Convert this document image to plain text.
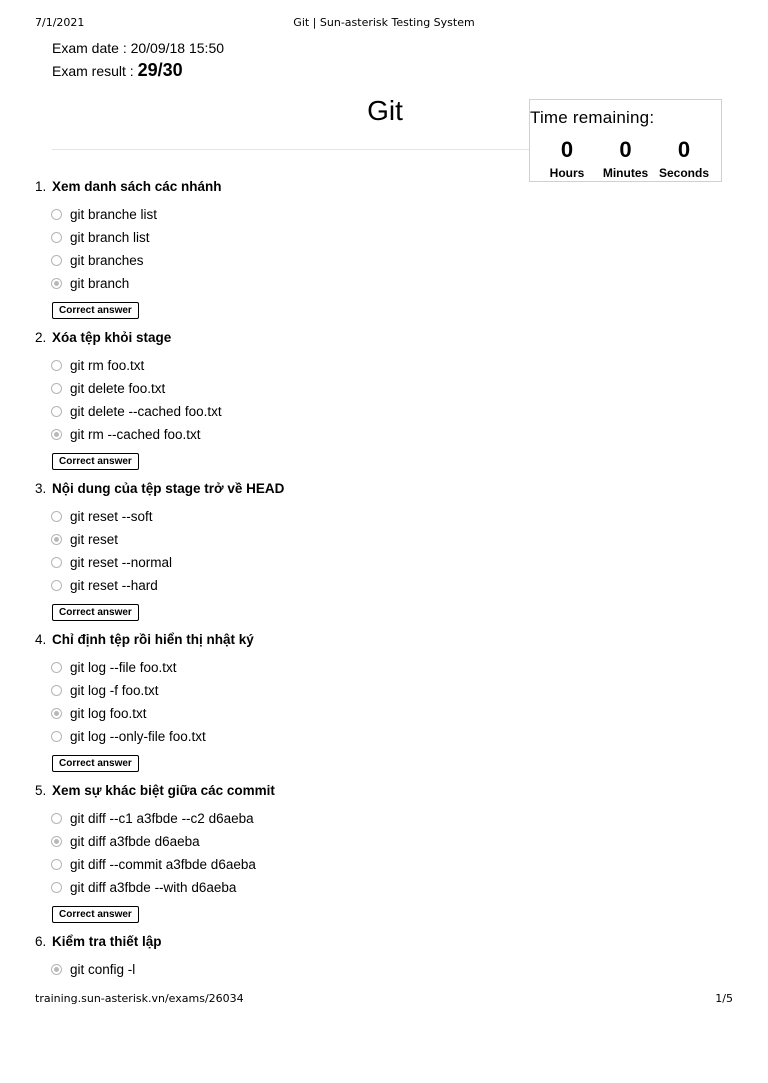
7/1/2021	Git | Sun-asterisk Testing System
Exam date : 20/09/18 15:50
Exam result : 29/30
Git	Time remaining:
0
Hours
0
Minutes
0
Seconds
1. Xem danh sách các nhánh
git branche list
git branch list
git branches
git branch
Correct answer
2. Xóa tệp khỏi stage
git rm foo.txt
git delete foo.txt
git delete --cached foo.txt
git rm --cached foo.txt
Correct answer
3. Nội dung của tệp stage trở về HEAD
git reset --soft
git reset
git reset --normal
git reset --hard
Correct answer
4. Chỉ định tệp rồi hiển thị nhật ký
git log --file foo.txt
git log -f foo.txt
git log foo.txt
git log --only-file foo.txt
Correct answer
5. Xem sự khác biệt giữa các commit
git diff --c1 a3fbde --c2 d6aeba
git diff a3fbde d6aeba
git diff --commit a3fbde d6aeba
git diff a3fbde --with d6aeba
Correct answer
6. Kiểm tra thiết lập
git config -l
training.sun-asterisk.vn/exams/26034	1/5
